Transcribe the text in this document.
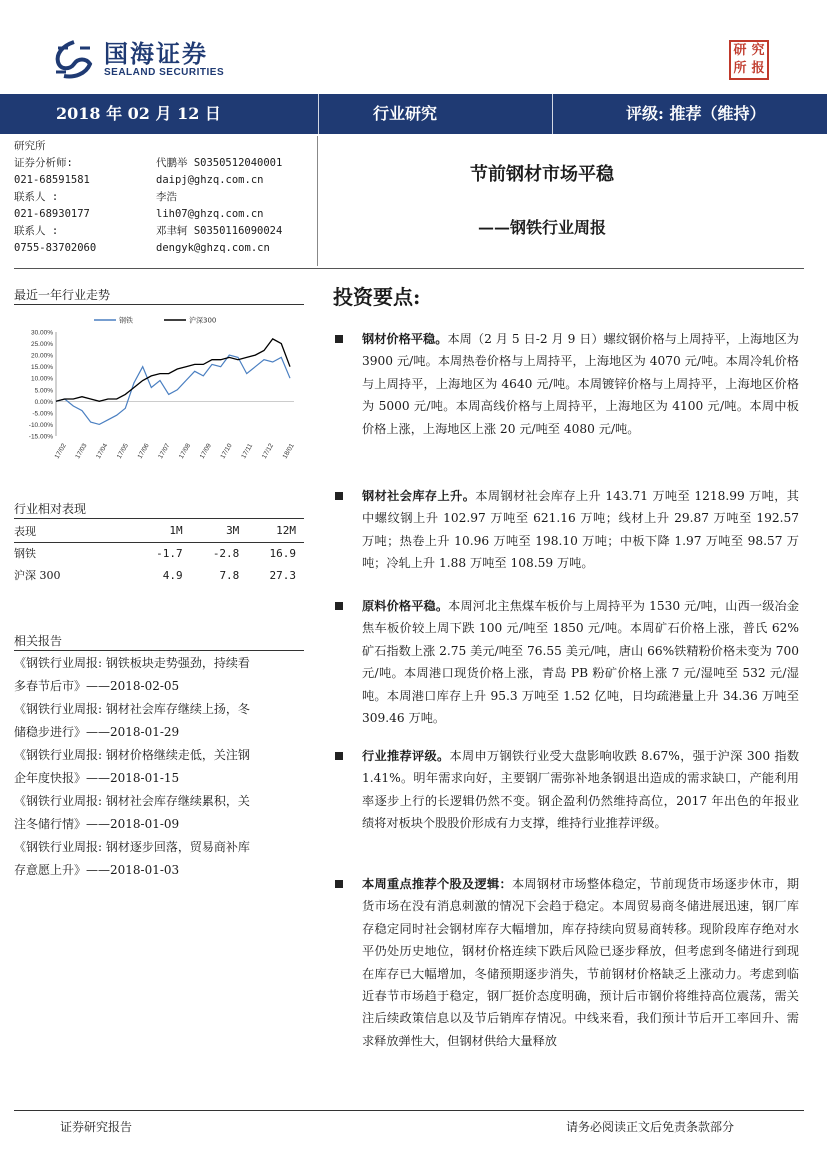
国海证券
SEALAND SECURITIES
研 究
所 报
2018 年 02 月 12 日	行业研究	评级: 推荐（维持）
研究所
证券分析师:	代鹏举 S0350512040001
021-68591581	daipj@ghzq.com.cn
联系人 :	李浩
021-68930177	lih07@ghzq.com.cn
联系人 :	邓聿轲 S0350116090024
0755-83702060	dengyk@ghzq.com.cn
节前钢材市场平稳
——钢铁行业周报
最近一年行业走势
30.00%
25.00%
20.00%
15.00%
10.00%
5.00%
0.00%
-5.00%
-10.00%
-15.00%
17/02 17/03 17/04 17/05 17/06 17/07 17/08 17/09 17/10 17/11 17/12 18/01
钢铁	沪深300
行业相对表现
表现	1M	3M	12M
钢铁	-1.7	-2.8	16.9
沪深 300	4.9	7.8	27.3
相关报告
《钢铁行业周报: 钢铁板块走势强劲，持续看
多春节后市》——2018-02-05
《钢铁行业周报: 钢材社会库存继续上扬，冬
储稳步进行》——2018-01-29
《钢铁行业周报: 钢材价格继续走低，关注钢
企年度快报》——2018-01-15
《钢铁行业周报: 钢材社会库存继续累积，关
注冬储行情》——2018-01-09
《钢铁行业周报: 钢材逐步回落，贸易商补库
存意愿上升》——2018-01-03
投资要点:
钢材价格平稳。本周（2 月 5 日-2 月 9 日）螺纹钢价格与上周持平，上海地区为 3900 元/吨。本周热卷价格与上周持平，上海地区为 4070 元/吨。本周冷轧价格与上周持平，上海地区为 4640 元/吨。本周镀锌价格与上周持平，上海地区价格为 5000 元/吨。本周高线价格与上周持平，上海地区为 4100 元/吨。本周中板价格上涨，上海地区上涨 20 元/吨至 4080 元/吨。
钢材社会库存上升。本周钢材社会库存上升 143.71 万吨至 1218.99 万吨，其中螺纹钢上升 102.97 万吨至 621.16 万吨；线材上升 29.87 万吨至 192.57 万吨；热卷上升 10.96 万吨至 198.10 万吨；中板下降 1.97 万吨至 98.57 万吨；冷轧上升 1.88 万吨至 108.59 万吨。
原料价格平稳。本周河北主焦煤车板价与上周持平为 1530 元/吨，山西一级冶金焦车板价较上周下跌 100 元/吨至 1850 元/吨。本周矿石价格上涨，普氏 62%矿石指数上涨 2.75 美元/吨至 76.55 美元/吨，唐山 66%铁精粉价格未变为 700 元/吨。本周港口现货价格上涨，青岛 PB 粉矿价格上涨 7 元/湿吨至 532 元/湿吨。本周港口库存上升 95.3 万吨至 1.52 亿吨，日均疏港量上升 34.36 万吨至 309.46 万吨。
行业推荐评级。本周申万钢铁行业受大盘影响收跌 8.67%，强于沪深 300 指数 1.41%。明年需求向好，主要钢厂需弥补地条钢退出造成的需求缺口，产能利用率逐步上行的长逻辑仍然不变。钢企盈利仍然维持高位，2017 年出色的年报业绩将对板块个股股价形成有力支撑，维持行业推荐评级。
本周重点推荐个股及逻辑：本周钢材市场整体稳定，节前现货市场逐步休市，期货市场在没有消息刺激的情况下会趋于稳定。本周贸易商冬储进展迅速，钢厂库存稳定同时社会钢材库存大幅增加，库存持续向贸易商转移。现阶段库存绝对水平仍处历史地位，钢材价格连续下跌后风险已逐步释放，但考虑到冬储进行到现在库存已大幅增加，冬储预期逐步消失，节前钢材价格缺乏上涨动力。考虑到临近春节市场趋于稳定，钢厂挺价态度明确，预计后市钢价将维持高位震荡，需关注后续政策信息以及节后销库存情况。中线来看，我们预计节后开工率回升、需求释放弹性大，但钢材供给大量释放
证券研究报告	请务必阅读正文后免责条款部分
